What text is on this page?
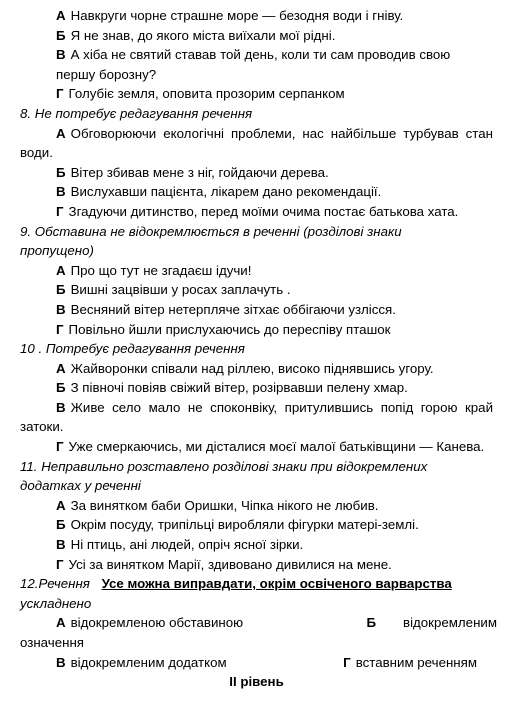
А Навкруги чорне страшне море — безодня води і гніву.
Б Я не знав, до якого міста виїхали мої рідні.
В А хіба не святий ставав той день, коли ти сам проводив свою першу борозну?
Г Голубіє земля, оповита прозорим серпанком
8. Не потребує редагування речення
А Обговорюючи екологічні проблеми, нас найбільше турбував стан води.
Б Вітер збивав мене з ніг, гойдаючи дерева.
В Вислухавши пацієнта, лікарем дано рекомендації.
Г Згадуючи дитинство, перед моїми очима постає батькова хата.
9. Обставина не відокремлюється в реченні (розділові знаки
пропущено)
А Про що тут не згадаєш ідучи!
Б Вишні зацвівши у росах заплачуть .
В Весняний вітер нетерпляче зітхає оббігаючи узлісся.
Г Повільно йшли прислухаючись до переспіву пташок
10 . Потребує редагування речення
А Жайворонки співали над ріллею, високо піднявшись угору.
Б З півночі повіяв свіжий вітер, розірвавши пелену хмар.
В Живе село мало не споконвіку, притулившись попід горою край затоки.
Г Уже смеркаючись, ми дісталися моєї малої батьківщини — Канева.
11. Неправильно розставлено розділові знаки при відокремлених
додатках у реченні
А За винятком баби Оришки, Чіпка нікого не любив.
Б Окрім посуду, трипільці виробляли фігурки матері-землі.
В Ні птиць, ані людей, опріч ясної зірки.
Г Усі за винятком Марії, здивовано дивилися на мене.
12.Речення Усе можна виправдати, окрім освіченого варварства
ускладнено
А відокремленою обставиною	Б	відокремленим
означення
В відокремленим додатком	Г вставним реченням
ІІ рівень
